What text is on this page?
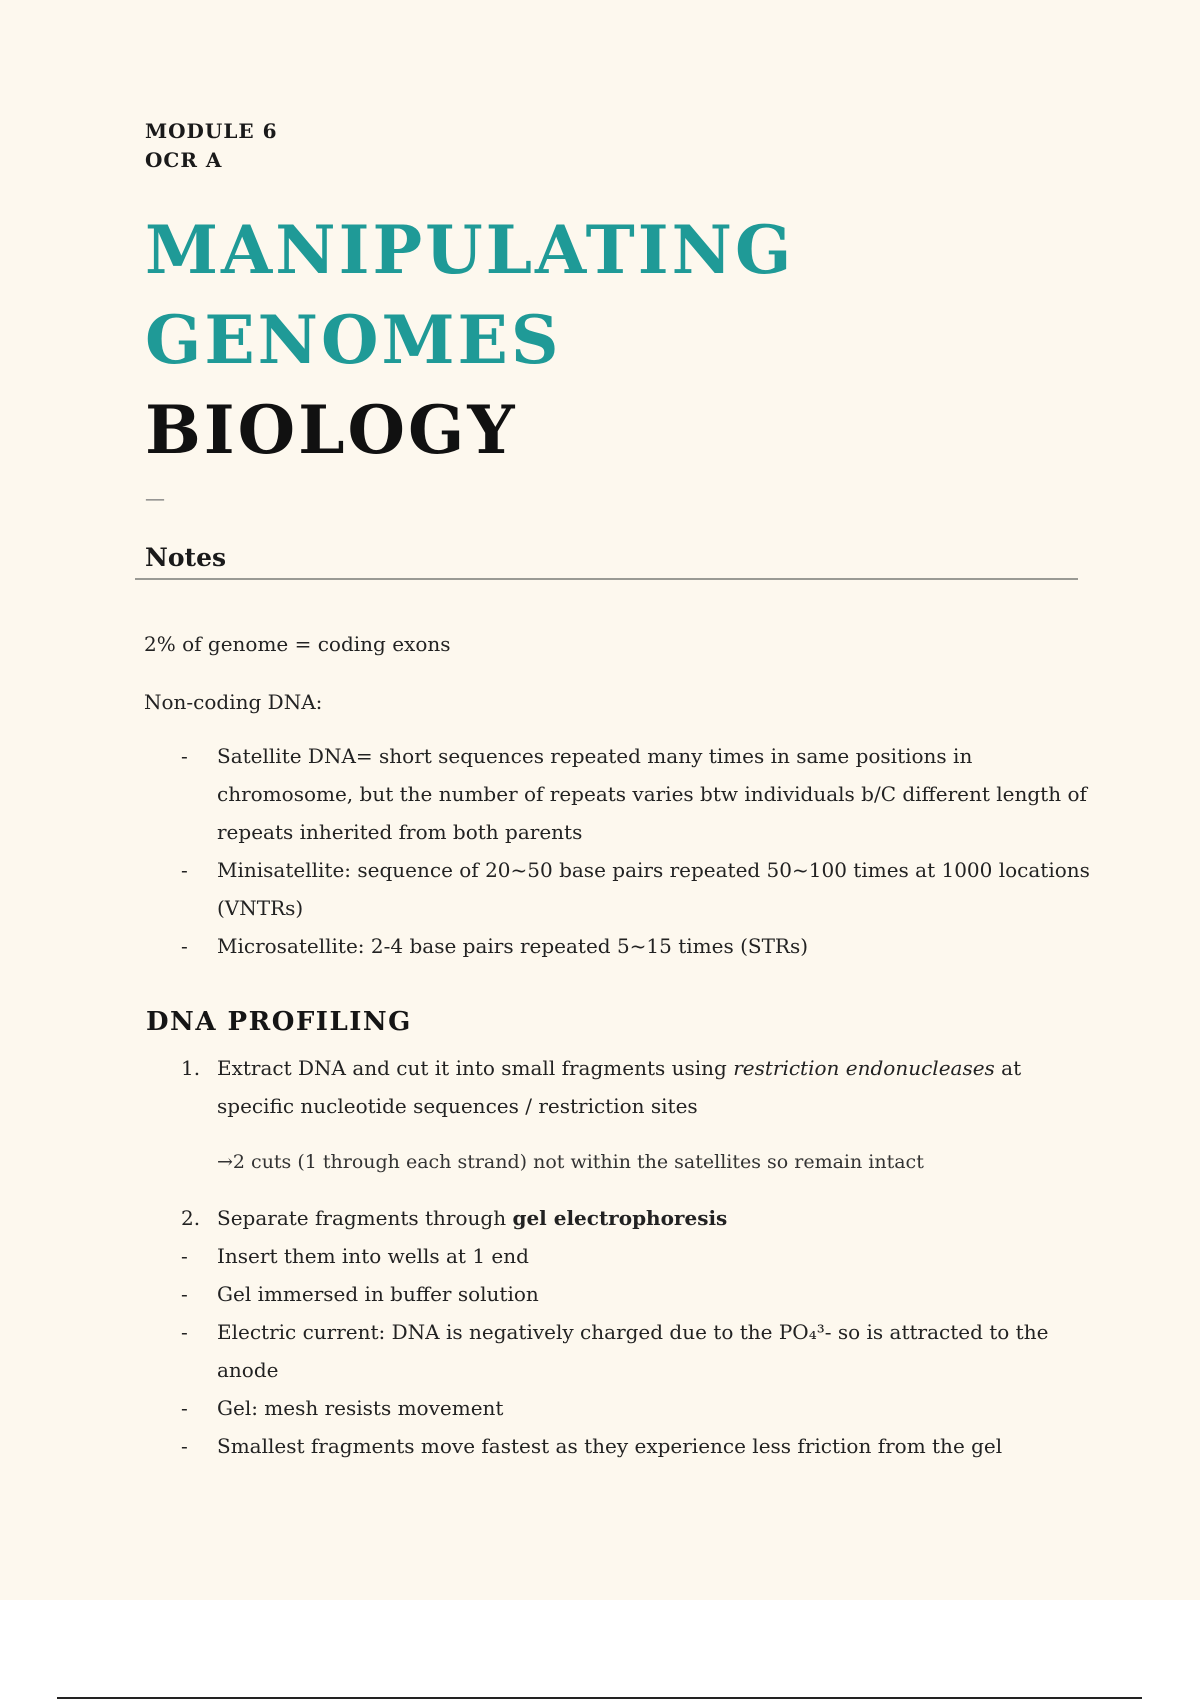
MODULE 6
OCR A
MANIPULATING
GENOMES
BIOLOGY
—
Notes

2% of genome = coding exons

Non-coding DNA:

- Satellite DNA= short sequences repeated many times in same positions in chromosome, but the number of repeats varies btw individuals b/C different length of repeats inherited from both parents
- Minisatellite: sequence of 20~50 base pairs repeated 50~100 times at 1000 locations (VNTRs)
- Microsatellite: 2-4 base pairs repeated 5~15 times (STRs)
DNA PROFILING
1. Extract DNA and cut it into small fragments using restriction endonucleases at specific nucleotide sequences / restriction sites
→2 cuts (1 through each strand) not within the satellites so remain intact
2. Separate fragments through gel electrophoresis
- Insert them into wells at 1 end
- Gel immersed in buffer solution
- Electric current: DNA is negatively charged due to the PO₄³- so is attracted to the anode
- Gel: mesh resists movement
- Smallest fragments move fastest as they experience less friction from the gel
